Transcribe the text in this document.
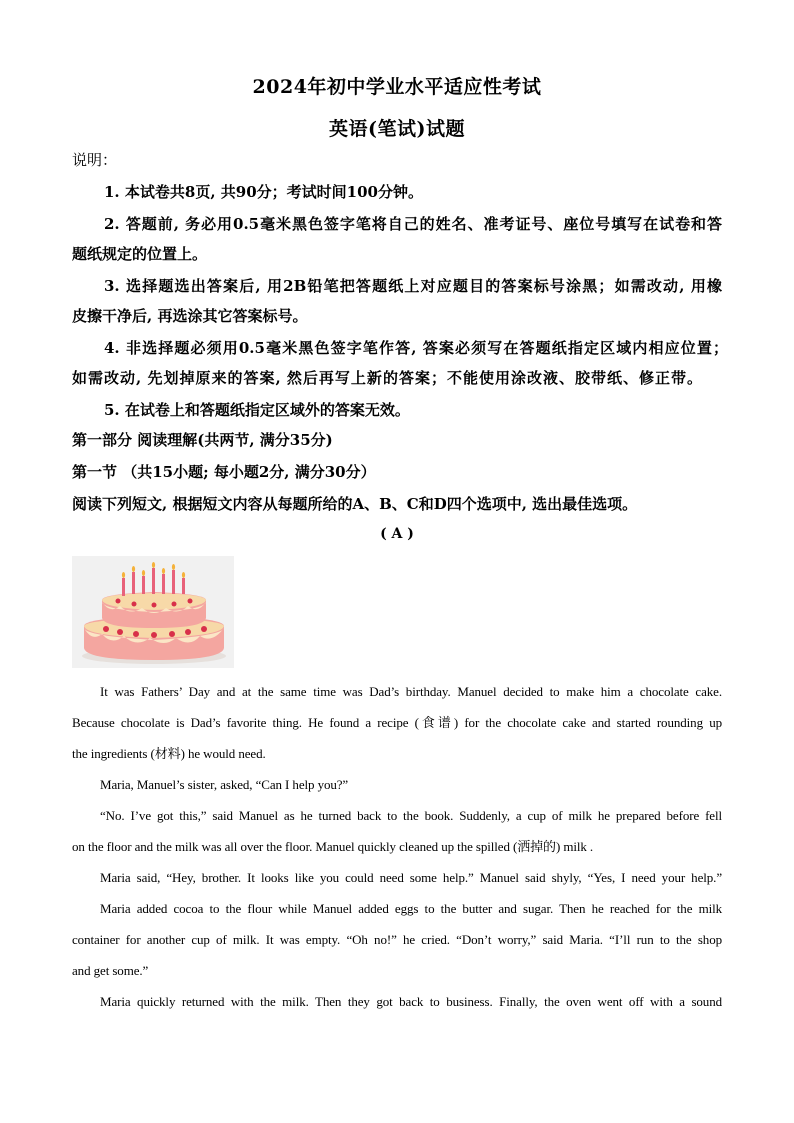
2024年初中学业水平适应性考试
英语(笔试)试题
说明：
1. 本试卷共8页, 共90分；考试时间100分钟。
2. 答题前, 务必用0.5毫米黑色签字笔将自己的姓名、准考证号、座位号填写在试卷和答
题纸规定的位置上。
3. 选择题选出答案后, 用2B铅笔把答题纸上对应题目的答案标号涂黑；如需改动, 用橡
皮擦干净后, 再选涂其它答案标号。
4. 非选择题必须用0.5毫米黑色签字笔作答, 答案必须写在答题纸指定区域内相应位置；
如需改动, 先划掉原来的答案, 然后再写上新的答案；不能使用涂改液、胶带纸、修正带。
5. 在试卷上和答题纸指定区域外的答案无效。
第一部分 阅读理解(共两节, 满分35分)
第一节 （共15小题; 每小题2分, 满分30分）
阅读下列短文, 根据短文内容从每题所给的A、B、C和D四个选项中, 选出最佳选项。
( A )
It was Fathers’ Day and at the same time was Dad’s birthday. Manuel decided to make him a chocolate cake.
Because chocolate is Dad’s favorite thing. He found a recipe (食谱) for the chocolate cake and started rounding up
the ingredients (材料) he would need.
Maria, Manuel’s sister, asked, “Can I help you?”
“No. I’ve got this,” said Manuel as he turned back to the book. Suddenly, a cup of milk he prepared before fell
on the floor and the milk was all over the floor. Manuel quickly cleaned up the spilled (洒掉的) milk .
Maria said, “Hey, brother. It looks like you could need some help.” Manuel said shyly, “Yes, I need your help.”
Maria added cocoa to the flour while Manuel added eggs to the butter and sugar. Then he reached for the milk
container for another cup of milk. It was empty. “Oh no!” he cried. “Don’t worry,” said Maria. “I’ll run to the shop
and get some.”
Maria quickly returned with the milk. Then they got back to business. Finally, the oven went off with a sound
